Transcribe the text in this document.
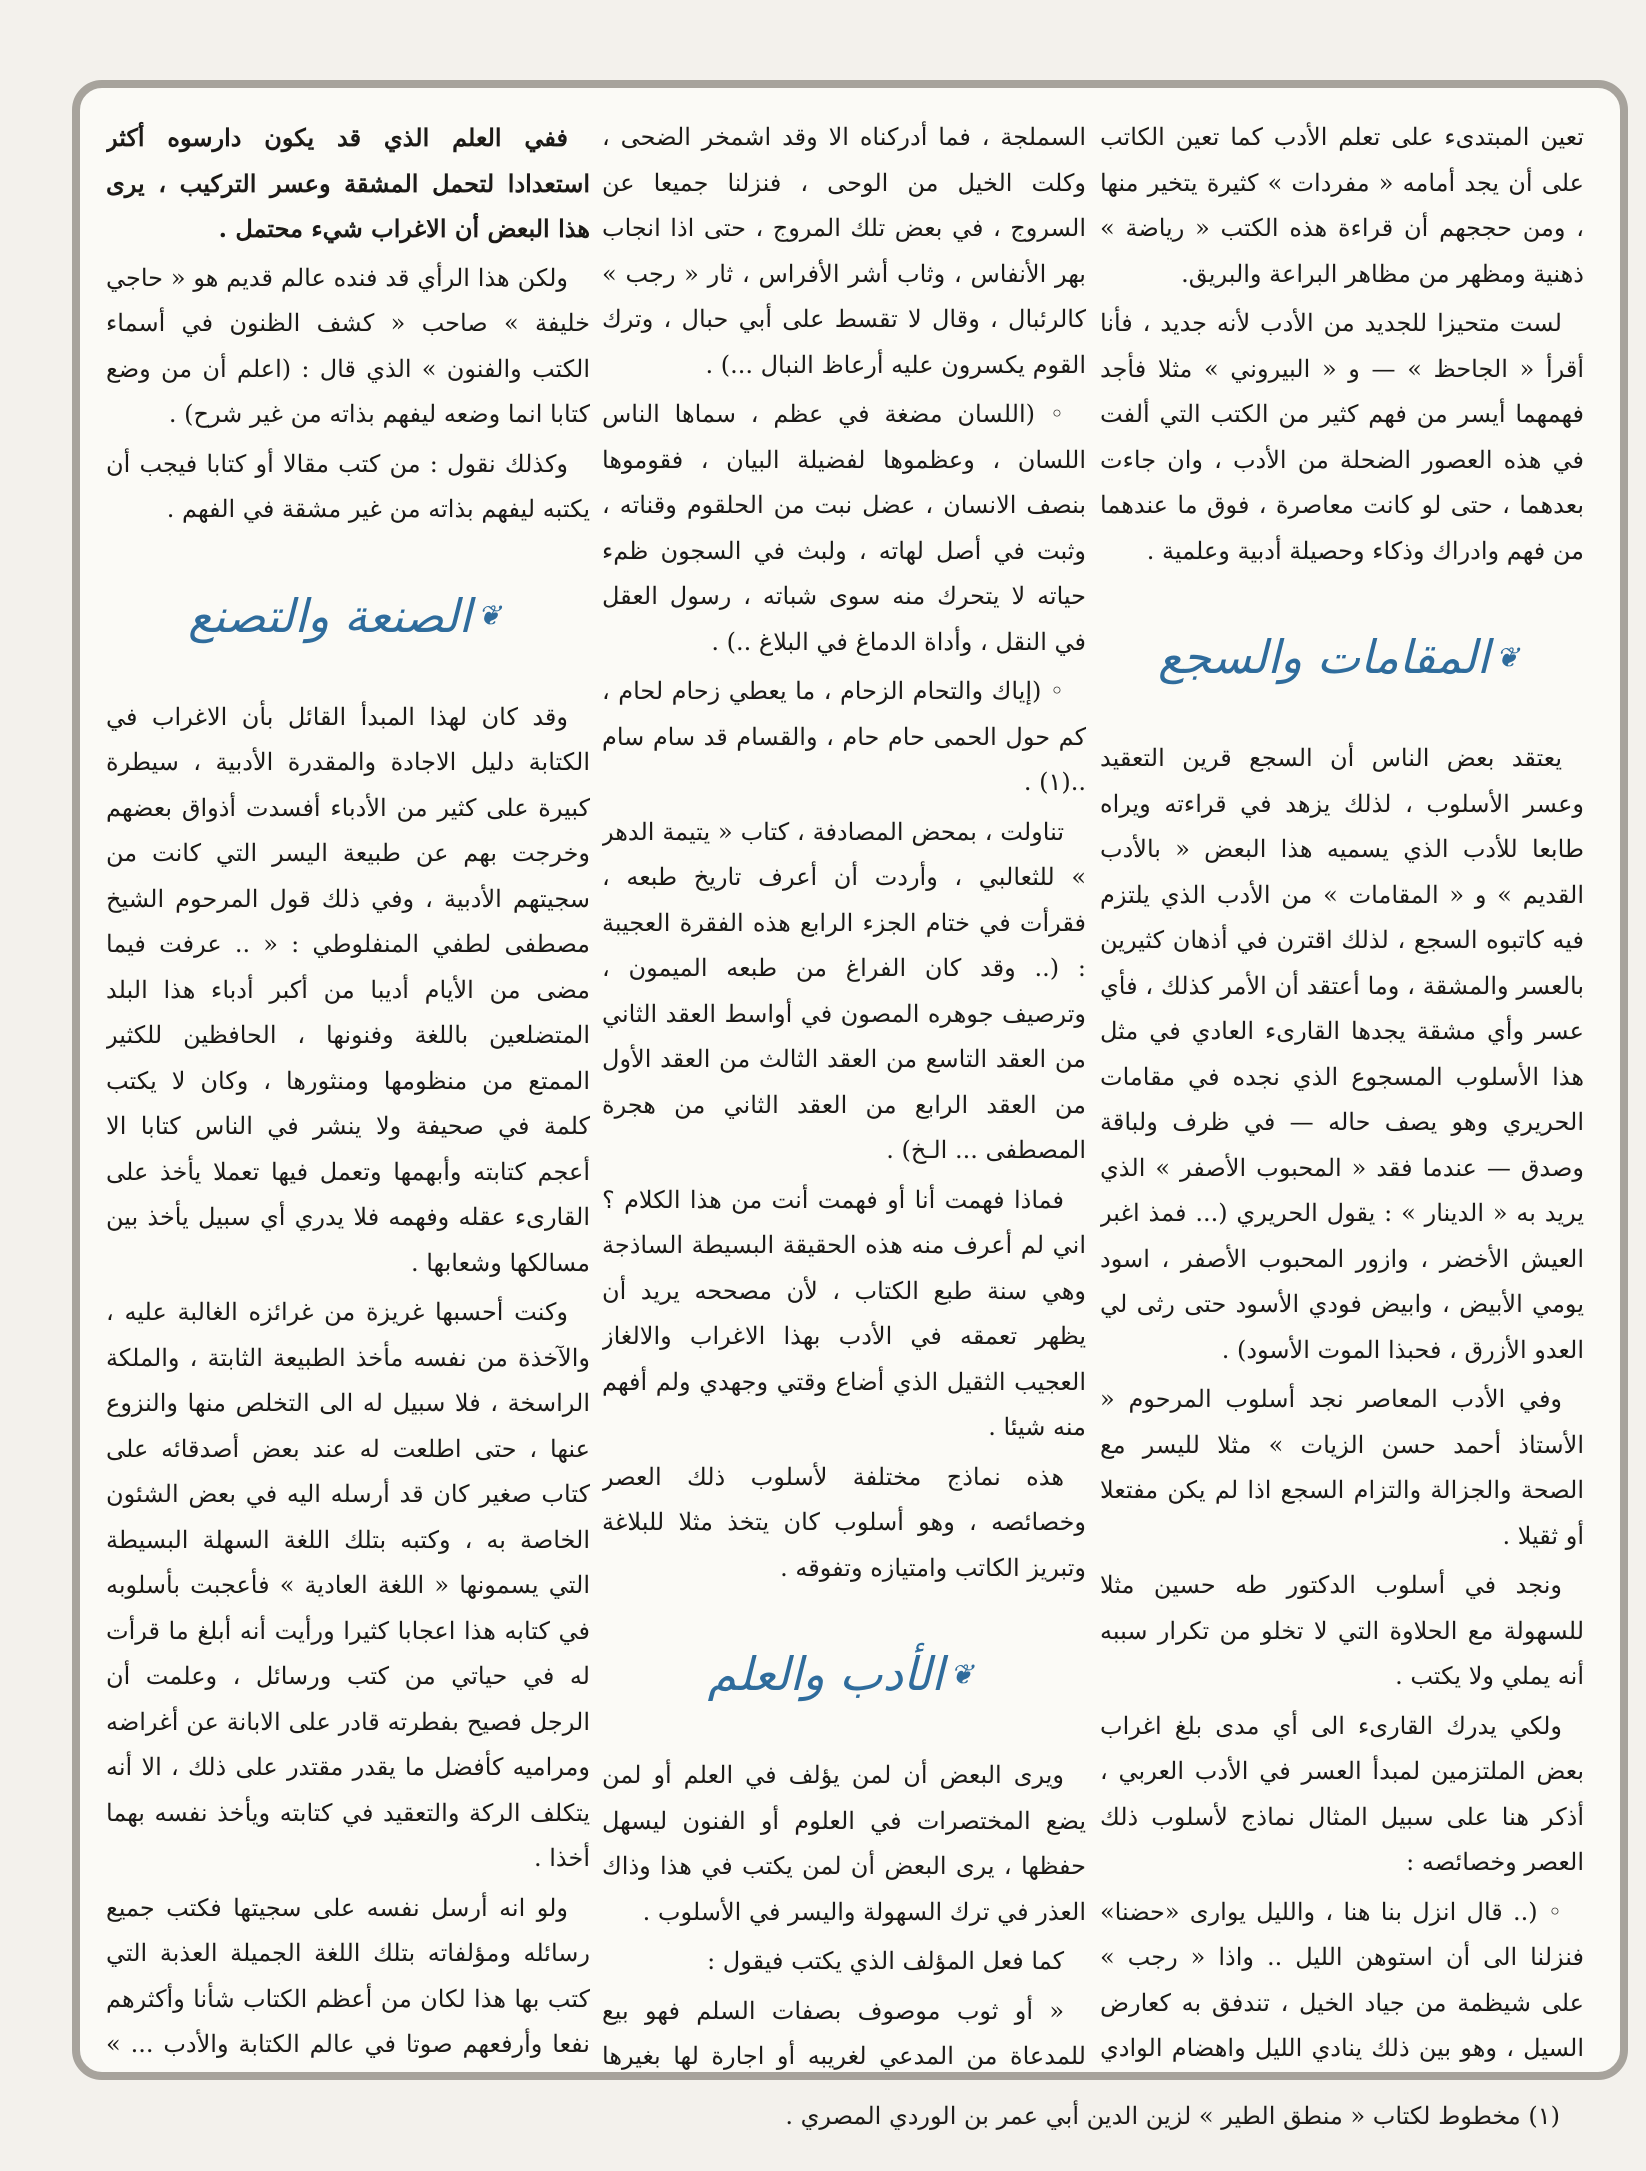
تعين المبتدىء على تعلم الأدب كما تعين الكاتب على أن يجد أمامه « مفردات » كثيرة يتخير منها ، ومن حججهم أن قراءة هذه الكتب « رياضة » ذهنية ومظهر من مظاهر البراعة والبريق.

لست متحيزا للجديد من الأدب لأنه جديد ، فأنا أقرأ « الجاحظ » — و « البيروني » مثلا فأجد فهمهما أيسر من فهم كثير من الكتب التي ألفت في هذه العصور الضحلة من الأدب ، وان جاءت بعدهما ، حتى لو كانت معاصرة ، فوق ما عندهما من فهم وادراك وذكاء وحصيلة أدبية وعلمية .

❦
المقامات والسجع

يعتقد بعض الناس أن السجع قرين التعقيد وعسر الأسلوب ، لذلك يزهد في قراءته ويراه طابعا للأدب الذي يسميه هذا البعض « بالأدب القديم » و « المقامات » من الأدب الذي يلتزم فيه كاتبوه السجع ، لذلك اقترن في أذهان كثيرين بالعسر والمشقة ، وما أعتقد أن الأمر كذلك ، فأي عسر وأي مشقة يجدها القارىء العادي في مثل هذا الأسلوب المسجوع الذي نجده في مقامات الحريري وهو يصف حاله — في ظرف ولباقة وصدق — عندما فقد « المحبوب الأصفر » الذي يريد به « الدينار » : يقول الحريري (... فمذ اغبر العيش الأخضر ، وازور المحبوب الأصفر ، اسود يومي الأبيض ، وابيض فودي الأسود حتى رثى لي العدو الأزرق ، فحبذا الموت الأسود) .

وفي الأدب المعاصر نجد أسلوب المرحوم « الأستاذ أحمد حسن الزيات » مثلا لليسر مع الصحة والجزالة والتزام السجع اذا لم يكن مفتعلا أو ثقيلا .

ونجد في أسلوب الدكتور طه حسين مثلا للسهولة مع الحلاوة التي لا تخلو من تكرار سببه أنه يملي ولا يكتب .

ولكي يدرك القارىء الى أي مدى بلغ اغراب بعض الملتزمين لمبدأ العسر في الأدب العربي ، أذكر هنا على سبيل المثال نماذج لأسلوب ذلك العصر وخصائصه :

◦ (.. قال انزل بنا هنا ، والليل يوارى «حضنا» فنزلنا الى أن استوهن الليل .. واذا « رجب » على شيظمة من جياد الخيل ، تندفق به كعارض السيل ، وهو بين ذلك ينادي الليل واهضام الوادي

السملجة ، فما أدركناه الا وقد اشمخر الضحى ، وكلت الخيل من الوحى ، فنزلنا جميعا عن السروج ، في بعض تلك المروج ، حتى اذا انجاب بهر الأنفاس ، وثاب أشر الأفراس ، ثار « رجب » كالرئبال ، وقال لا تقسط على أبي حبال ، وترك القوم يكسرون عليه أرعاظ النبال ...) .

◦ (اللسان مضغة في عظم ، سماها الناس اللسان ، وعظموها لفضيلة البيان ، فقوموها بنصف الانسان ، عضل نبت من الحلقوم وقناته ، وثبت في أصل لهاته ، ولبث في السجون ظمء حياته لا يتحرك منه سوى شباته ، رسول العقل في النقل ، وأداة الدماغ في البلاغ ..) .

◦ (إياك والتحام الزحام ، ما يعطي زحام لحام ، كم حول الحمى حام حام ، والقسام قد سام سام ..(١) .

تناولت ، بمحض المصادفة ، كتاب « يتيمة الدهر » للثعالبي ، وأردت أن أعرف تاريخ طبعه ، فقرأت في ختام الجزء الرابع هذه الفقرة العجيبة : (.. وقد كان الفراغ من طبعه الميمون ، وترصيف جوهره المصون في أواسط العقد الثاني من العقد التاسع من العقد الثالث من العقد الأول من العقد الرابع من العقد الثاني من هجرة المصطفى ... الـخ) .

فماذا فهمت أنا أو فهمت أنت من هذا الكلام ؟ اني لم أعرف منه هذه الحقيقة البسيطة الساذجة وهي سنة طبع الكتاب ، لأن مصححه يريد أن يظهر تعمقه في الأدب بهذا الاغراب والالغاز العجيب الثقيل الذي أضاع وقتي وجهدي ولم أفهم منه شيئا .

هذه نماذج مختلفة لأسلوب ذلك العصر وخصائصه ، وهو أسلوب كان يتخذ مثلا للبلاغة وتبريز الكاتب وامتيازه وتفوقه .

❦
الأدب والعلم

ويرى البعض أن لمن يؤلف في العلم أو لمن يضع المختصرات في العلوم أو الفنون ليسهل حفظها ، يرى البعض أن لمن يكتب في هذا وذاك العذر في ترك السهولة واليسر في الأسلوب .

كما فعل المؤلف الذي يكتب فيقول :

« أو ثوب موصوف بصفات السلم فهو بيع للمدعاة من المدعي لغريبه أو اجارة لها بغيرها

ففي العلم الذي قد يكون دارسوه أكثر استعدادا لتحمل المشقة وعسر التركيب ، يرى هذا البعض أن الاغراب شيء محتمل .

ولكن هذا الرأي قد فنده عالم قديم هو « حاجي خليفة » صاحب « كشف الظنون في أسماء الكتب والفنون » الذي قال : (اعلم أن من وضع كتابا انما وضعه ليفهم بذاته من غير شرح) .

وكذلك نقول : من كتب مقالا أو كتابا فيجب أن يكتبه ليفهم بذاته من غير مشقة في الفهم .

❦
الصنعة والتصنع

وقد كان لهذا المبدأ القائل بأن الاغراب في الكتابة دليل الاجادة والمقدرة الأدبية ، سيطرة كبيرة على كثير من الأدباء أفسدت أذواق بعضهم وخرجت بهم عن طبيعة اليسر التي كانت من سجيتهم الأدبية ، وفي ذلك قول المرحوم الشيخ مصطفى لطفي المنفلوطي : « .. عرفت فيما مضى من الأيام أديبا من أكبر أدباء هذا البلد المتضلعين باللغة وفنونها ، الحافظين للكثير الممتع من منظومها ومنثورها ، وكان لا يكتب كلمة في صحيفة ولا ينشر في الناس كتابا الا أعجم كتابته وأبهمها وتعمل فيها تعملا يأخذ على القارىء عقله وفهمه فلا يدري أي سبيل يأخذ بين مسالكها وشعابها .

وكنت أحسبها غريزة من غرائزه الغالبة عليه ، والآخذة من نفسه مأخذ الطبيعة الثابتة ، والملكة الراسخة ، فلا سبيل له الى التخلص منها والنزوع عنها ، حتى اطلعت له عند بعض أصدقائه على كتاب صغير كان قد أرسله اليه في بعض الشئون الخاصة به ، وكتبه بتلك اللغة السهلة البسيطة التي يسمونها « اللغة العادية » فأعجبت بأسلوبه في كتابه هذا اعجابا كثيرا ورأيت أنه أبلغ ما قرأت له في حياتي من كتب ورسائل ، وعلمت أن الرجل فصيح بفطرته قادر على الابانة عن أغراضه ومراميه كأفضل ما يقدر مقتدر على ذلك ، الا أنه يتكلف الركة والتعقيد في كتابته ويأخذ نفسه بهما أخذا .

ولو انه أرسل نفسه على سجيتها فكتب جميع رسائله ومؤلفاته بتلك اللغة الجميلة العذبة التي كتب بها هذا لكان من أعظم الكتاب شأنا وأكثرهم نفعا وأرفعهم صوتا في عالم الكتابة والأدب ... »

(١) مخطوط لكتاب « منطق الطير » لزين الدين أبي عمر بن الوردي المصري .
